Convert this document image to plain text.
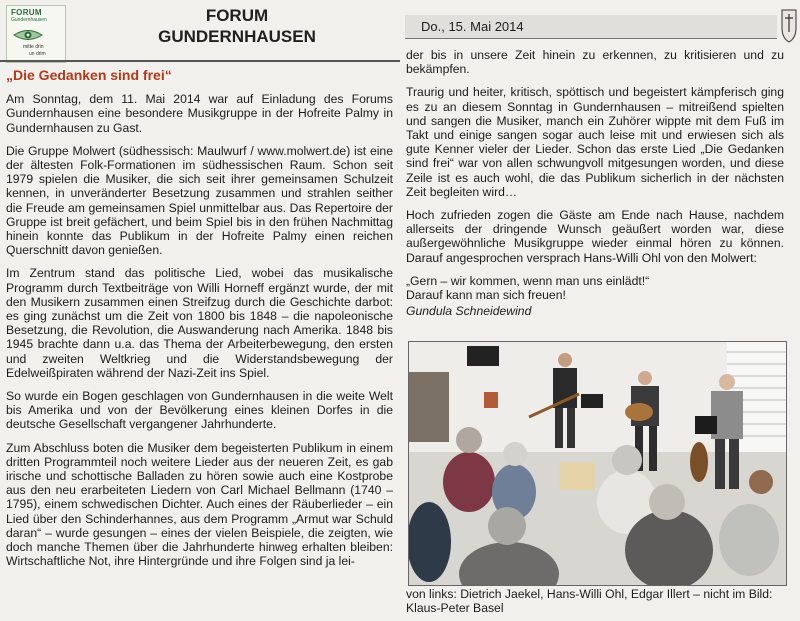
FORUM
Gundernhausen
mitte drin
un drim
FORUM
GUNDERNHAUSEN
Do., 15. Mai 2014

„Die Gedanken sind frei“

Am Sonntag, dem 11. Mai 2014 war auf Einladung des Forums Gundernhausen eine besondere Musikgruppe in der Hofreite Palmy in Gundernhausen zu Gast.

Die Gruppe Molwert (südhessisch: Maulwurf / www.molwert.de) ist eine der ältesten Folk-Formationen im südhessischen Raum. Schon seit 1979 spielen die Musiker, die sich seit ihrer gemeinsamen Schulzeit kennen, in unveränderter Besetzung zusammen und strahlen seither die Freude am gemeinsamen Spiel unmittelbar aus. Das Repertoire der Gruppe ist breit gefächert, und beim Spiel bis in den frühen Nachmittag hinein konnte das Publikum in der Hofreite Palmy einen reichen Querschnitt davon genießen.

Im Zentrum stand das politische Lied, wobei das musikalische Programm durch Textbeiträge von Willi Horneff ergänzt wurde, der mit den Musikern zusammen einen Streifzug durch die Geschichte darbot: es ging zunächst um die Zeit von 1800 bis 1848 – die napoleonische Besetzung, die Revolution, die Auswanderung nach Amerika. 1848 bis 1945 brachte dann u.a. das Thema der Arbeiterbewegung, den ersten und zweiten Weltkrieg und die Widerstandsbewegung der Edelweißpiraten während der Nazi-Zeit ins Spiel.

So wurde ein Bogen geschlagen von Gundernhausen in die weite Welt bis Amerika und von der Bevölkerung eines kleinen Dorfes in die deutsche Gesellschaft vergangener Jahrhunderte.

Zum Abschluss boten die Musiker dem begeisterten Publikum in einem dritten Programmteil noch weitere Lieder aus der neueren Zeit, es gab irische und schottische Balladen zu hören sowie auch eine Kostprobe aus den neu erarbeiteten Liedern von Carl Michael Bellmann (1740 – 1795), einem schwedischen Dichter. Auch eines der Räuberlieder – ein Lied über den Schinderhannes, aus dem Programm „Armut war Schuld daran“ – wurde gesungen – eines der vielen Beispiele, die zeigten, wie doch manche Themen über die Jahrhunderte hinweg erhalten bleiben: Wirtschaftliche Not, ihre Hintergründe und ihre Folgen sind ja lei-

der bis in unsere Zeit hinein zu erkennen, zu kritisieren und zu bekämpfen.

Traurig und heiter, kritisch, spöttisch und begeistert kämpferisch ging es zu an diesem Sonntag in Gundernhausen – mitreißend spielten und sangen die Musiker, manch ein Zuhörer wippte mit dem Fuß im Takt und einige sangen sogar auch leise mit und erwiesen sich als gute Kenner vieler der Lieder. Schon das erste Lied „Die Gedanken sind frei“ war von allen schwungvoll mitgesungen worden, und diese Zeile ist es auch wohl, die das Publikum sicherlich in der nächsten Zeit begleiten wird…

Hoch zufrieden zogen die Gäste am Ende nach Hause, nachdem allerseits der dringende Wunsch geäußert worden war, diese außergewöhnliche Musikgruppe wieder einmal hören zu können. Darauf angesprochen versprach Hans-Willi Ohl von den Molwert:

„Gern – wir kommen, wenn man uns einlädt!“

Darauf kann man sich freuen!

Gundula Schneidewind

von links: Dietrich Jaekel, Hans-Willi Ohl, Edgar Illert – nicht im Bild: Klaus-Peter Basel
